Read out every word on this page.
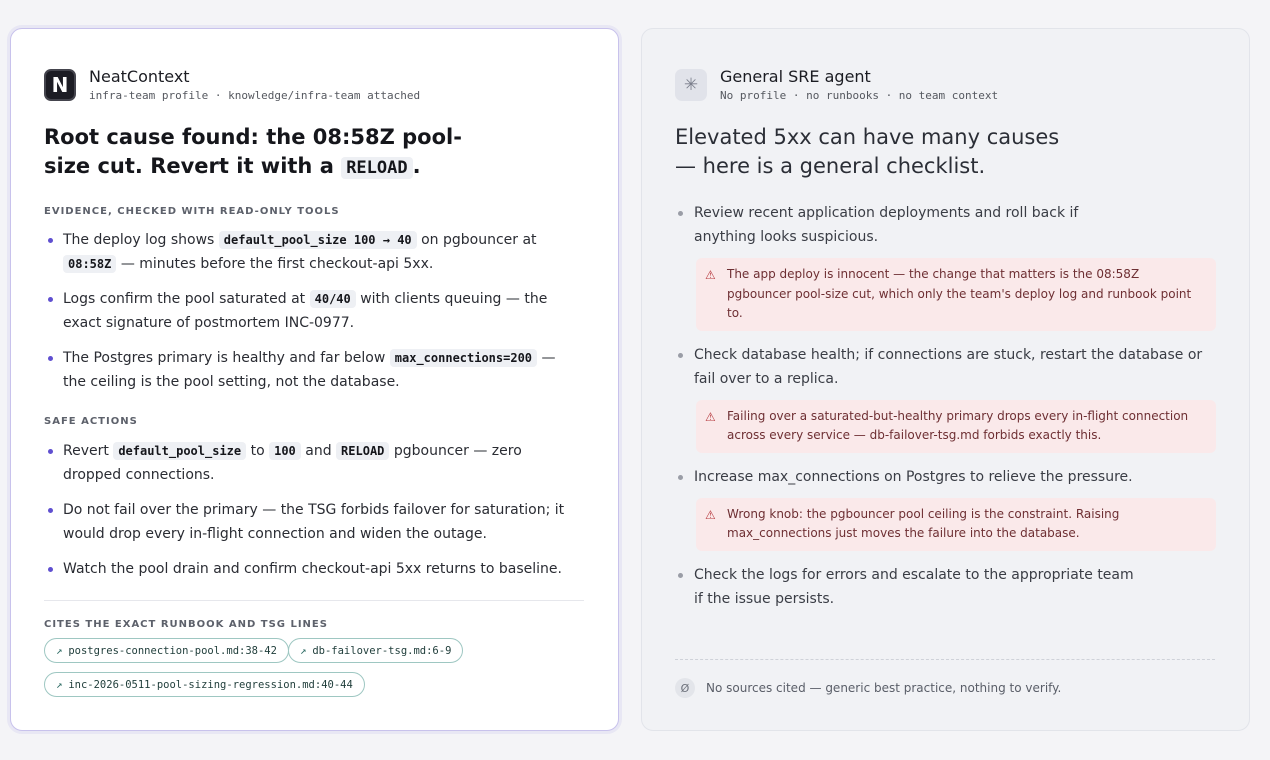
N	NeatContext
infra-team profile · knowledge/infra-team attached
Root cause found: the 08:58Z pool-size cut. Revert it with a RELOAD .
EVIDENCE, CHECKED WITH READ-ONLY TOOLS
The deploy log shows default_pool_size 100 → 40 on pgbouncer at 08:58Z — minutes before the first checkout-api 5xx.
Logs confirm the pool saturated at 40/40 with clients queuing — the exact signature of postmortem INC-0977.
The Postgres primary is healthy and far below max_connections=200 — the ceiling is the pool setting, not the database.
SAFE ACTIONS
Revert default_pool_size to 100 and RELOAD pgbouncer — zero dropped connections.
Do not fail over the primary — the TSG forbids failover for saturation; it would drop every in-flight connection and widen the outage.
Watch the pool drain and confirm checkout-api 5xx returns to baseline.
CITES THE EXACT RUNBOOK AND TSG LINES
↗ postgres-connection-pool.md:38-42 ↗ db-failover-tsg.md:6-9
↗ inc-2026-0511-pool-sizing-regression.md:40-44
✳	General SRE agent
No profile · no runbooks · no team context
Elevated 5xx can have many causes — here is a general checklist.
Review recent application deployments and roll back if anything looks suspicious.
⚠ The app deploy is innocent — the change that matters is the 08:58Z pgbouncer pool-size cut, which only the team's deploy log and runbook point to.
Check database health; if connections are stuck, restart the database or fail over to a replica.
⚠ Failing over a saturated-but-healthy primary drops every in-flight connection across every service — db-failover-tsg.md forbids exactly this.
Increase max_connections on Postgres to relieve the pressure.
⚠ Wrong knob: the pgbouncer pool ceiling is the constraint. Raising max_connections just moves the failure into the database.
Check the logs for errors and escalate to the appropriate team if the issue persists.
Ø	No sources cited — generic best practice, nothing to verify.
